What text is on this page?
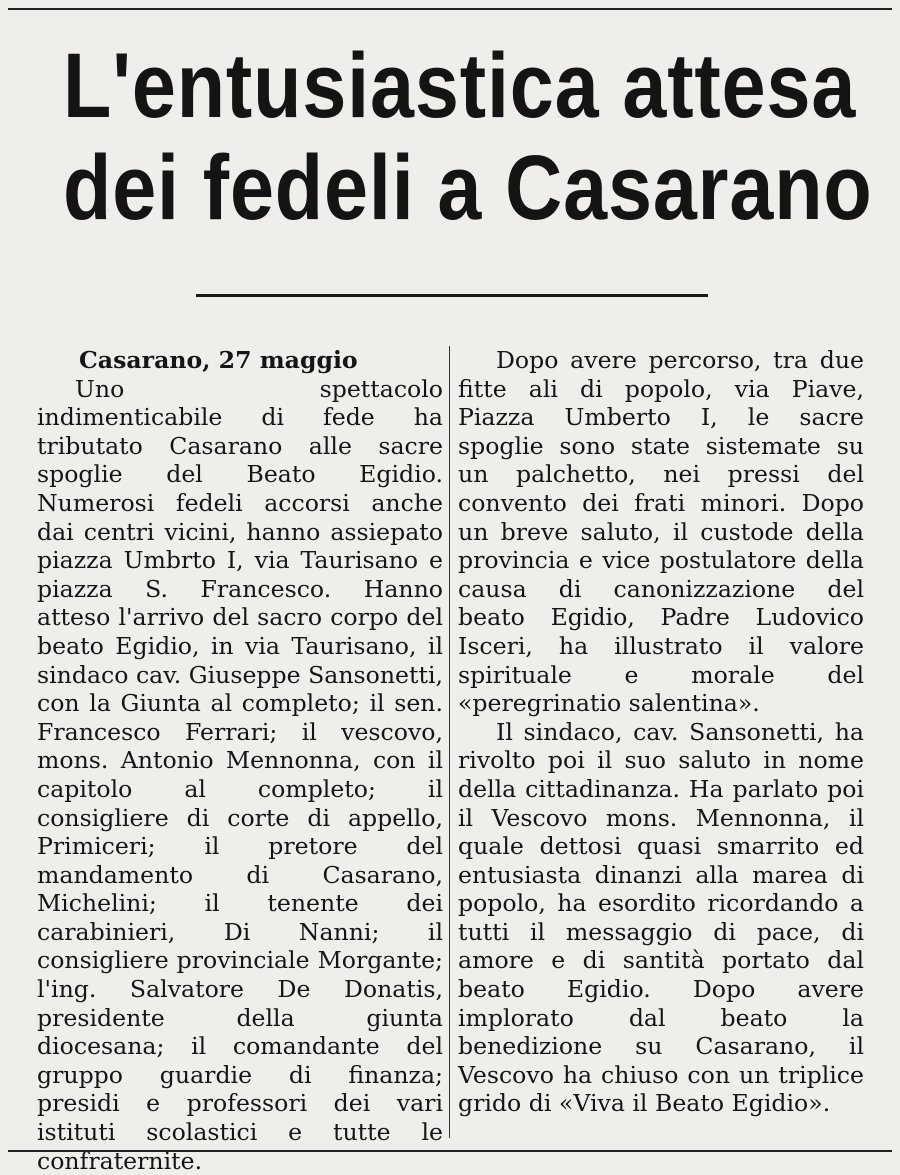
L'entusiastica attesa
dei fedeli a Casarano
Casarano, 27 maggio

Uno spettacolo indimenticabile di fede ha tributato Casarano alle sacre spoglie del Beato Egidio. Numerosi fedeli accorsi anche dai centri vicini, hanno assiepato piazza Umbrto I, via Taurisano e piazza S. Francesco. Hanno atteso l'arrivo del sacro corpo del beato Egidio, in via Taurisano, il sindaco cav. Giuseppe Sansonetti, con la Giunta al completo; il sen. Francesco Ferrari; il vescovo, mons. Antonio Mennonna, con il capitolo al completo; il consigliere di corte di appello, Primiceri; il pretore del mandamento di Casarano, Michelini; il tenente dei carabinieri, Di Nanni; il consigliere provinciale Morgante; l'ing. Salvatore De Donatis, presidente della giunta diocesana; il comandante del gruppo guardie di finanza; presidi e professori dei vari istituti scolastici e tutte le confraternite.

Dopo avere percorso, tra due fitte ali di popolo, via Piave, Piazza Umberto I, le sacre spoglie sono state sistemate su un palchetto, nei pressi del convento dei frati minori. Dopo un breve saluto, il custode della provincia e vice postulatore della causa di canonizzazione del beato Egidio, Padre Ludovico Isceri, ha illustrato il valore spirituale e morale del «peregrinatio salentina».

Il sindaco, cav. Sansonetti, ha rivolto poi il suo saluto in nome della cittadinanza. Ha parlato poi il Vescovo mons. Mennonna, il quale dettosi quasi smarrito ed entusiasta dinanzi alla marea di popolo, ha esordito ricordando a tutti il messaggio di pace, di amore e di santità portato dal beato Egidio. Dopo avere implorato dal beato la benedizione su Casarano, il Vescovo ha chiuso con un triplice grido di «Viva il Beato Egidio».
